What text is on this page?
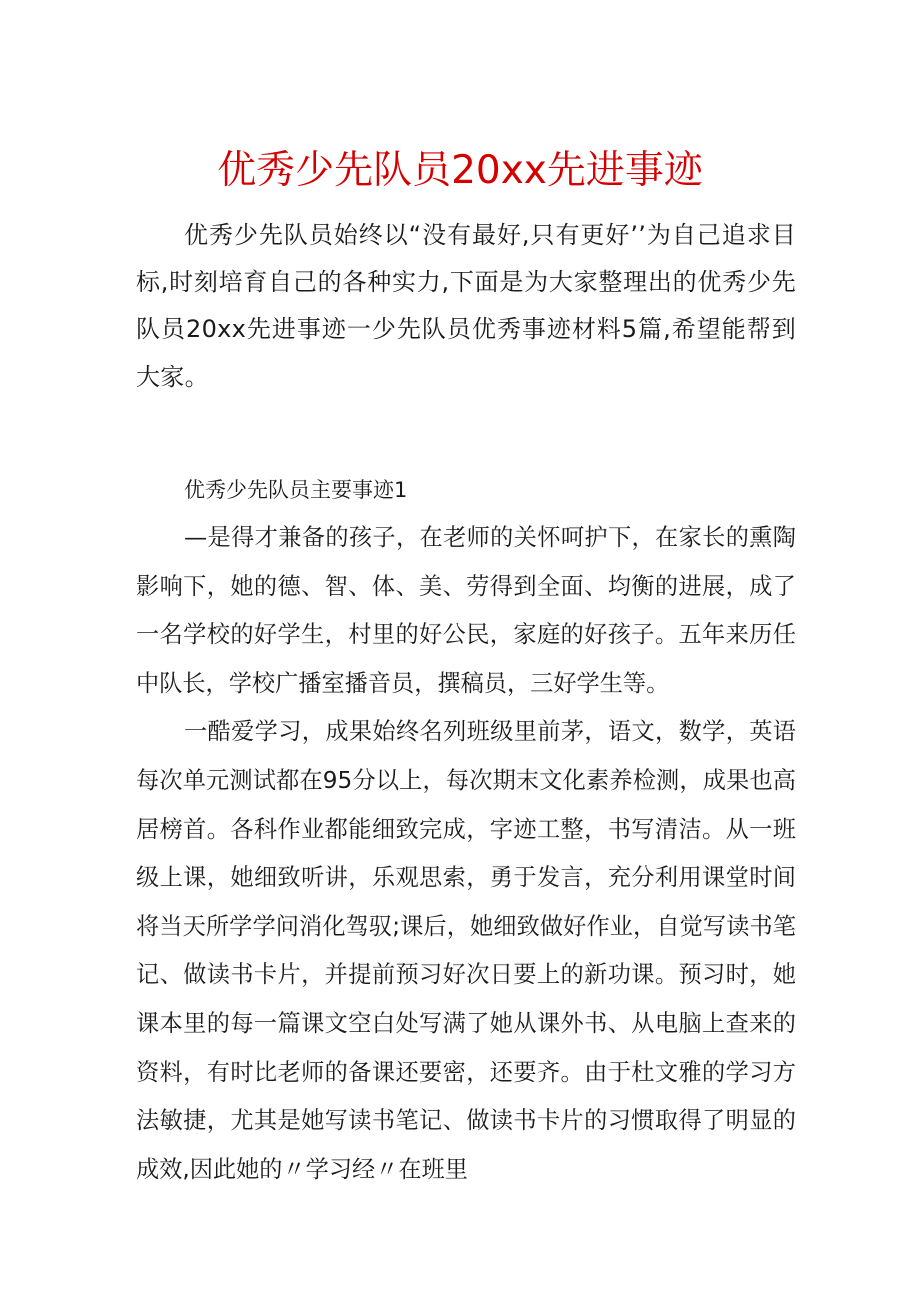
优秀少先队员20xx先进事迹

优秀少先队员始终以“没有最好,只有更好’’为自己追求目标,时刻培育自己的各种实力,下面是为大家整理出的优秀少先队员20xx先进事迹一少先队员优秀事迹材料5篇,希望能帮到大家。

优秀少先队员主要事迹1

—是得才兼备的孩子，在老师的关怀呵护下，在家长的熏陶影响下，她的德、智、体、美、劳得到全面、均衡的进展，成了一名学校的好学生，村里的好公民，家庭的好孩子。五年来历任中队长，学校广播室播音员，撰稿员，三好学生等。

一酷爱学习，成果始终名列班级里前茅，语文，数学，英语每次单元测试都在95分以上，每次期末文化素养检测，成果也高居榜首。各科作业都能细致完成，字迹工整，书写清洁。从一班级上课，她细致听讲，乐观思索，勇于发言，充分利用课堂时间将当天所学学问消化驾驭;课后，她细致做好作业，自觉写读书笔记、做读书卡片，并提前预习好次日要上的新功课。预习时，她课本里的每一篇课文空白处写满了她从课外书、从电脑上查来的资料，有时比老师的备课还要密，还要齐。由于杜文雅的学习方法敏捷，尤其是她写读书笔记、做读书卡片的习惯取得了明显的成效,因此她的〃学习经〃在班里
